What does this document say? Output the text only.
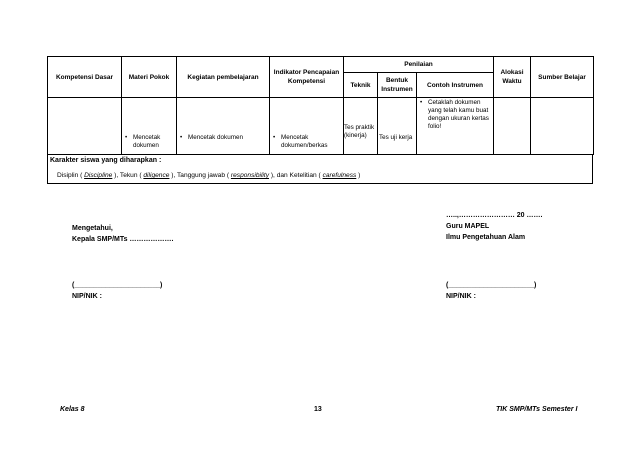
Kompetensi Dasar	Materi Pokok	Kegiatan pembelajaran	Indikator Pencapaian Kompetensi	Penilaian			Alokasi Waktu	Sumber Belajar
				Teknik	Bentuk Instrumen	Contoh Instrumen		

	• Mencetak dokumen	• Mencetak dokumen	• Mencetak dokumen/berkas	Tes praktik (kinerja)	Tes uji kerja	• Cetaklah dokumen yang telah kamu buat dengan ukuran kertas folio!		

Karakter siswa yang diharapkan :
Disiplin ( Discipline ), Tekun ( diligence ), Tanggung jawab ( responsibility ), dan Ketelitian ( carefulness )
Mengetahui,
Kepala SMP/MTs ……………….
(______________________)
NIP/NIK :
…..,…………………… 20 …….
Guru MAPEL
Ilmu Pengetahuan Alam
(______________________)
NIP/NIK :
Kelas 8	13	TIK SMP/MTs Semester I
